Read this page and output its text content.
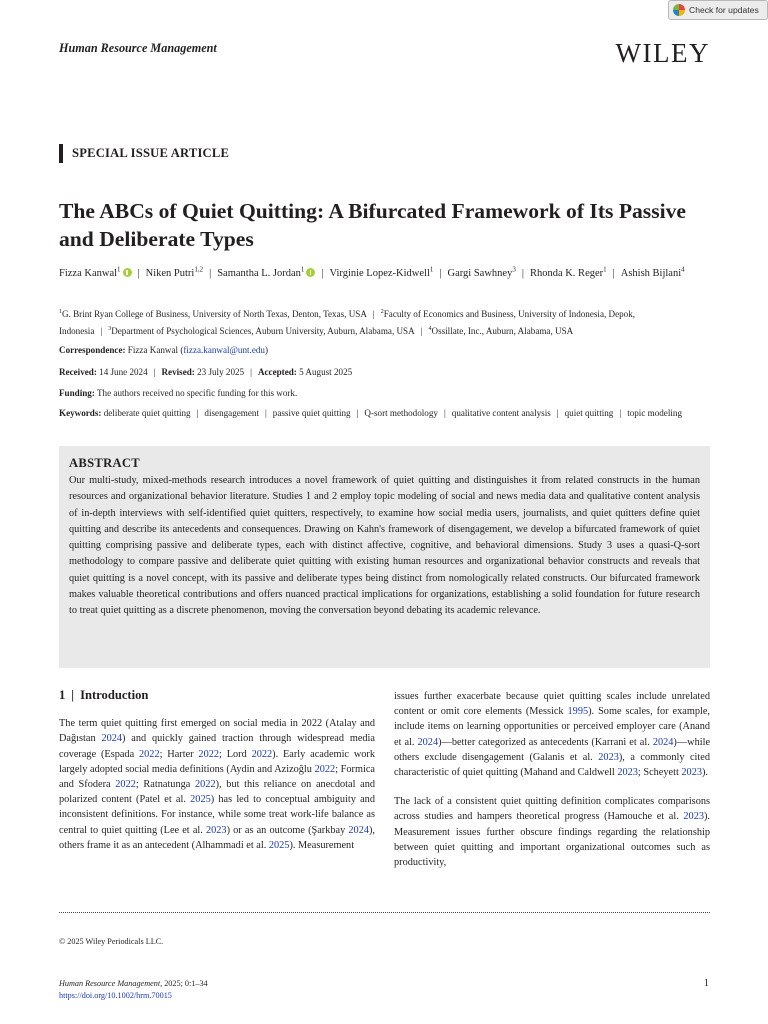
Check for updates
Human Resource Management	WILEY
SPECIAL ISSUE ARTICLE
The ABCs of Quiet Quitting: A Bifurcated Framework of Its Passive and Deliberate Types
Fizza Kanwal$^1$ | Niken Putri$^{1,2}$ | Samantha L. Jordan$^1$ | Virginie Lopez-Kidwell$^1$ | Gargi Sawhney$^3$ | Rhonda K. Reger$^1$ | Ashish Bijlani$^4$
$^1$G. Brint Ryan College of Business, University of North Texas, Denton, Texas, USA | $^2$Faculty of Economics and Business, University of Indonesia, Depok, Indonesia | $^3$Department of Psychological Sciences, Auburn University, Auburn, Alabama, USA | $^4$Ossillate, Inc., Auburn, Alabama, USA
Correspondence: Fizza Kanwal (fizza.kanwal@unt.edu)
Received: 14 June 2024 | Revised: 23 July 2025 | Accepted: 5 August 2025
Funding: The authors received no specific funding for this work.
Keywords: deliberate quiet quitting | disengagement | passive quiet quitting | Q-sort methodology | qualitative content analysis | quiet quitting | topic modeling
ABSTRACT
Our multi-study, mixed-methods research introduces a novel framework of quiet quitting and distinguishes it from related constructs in the human resources and organizational behavior literature. Studies 1 and 2 employ topic modeling of social and news media data and qualitative content analysis of in-depth interviews with self-identified quiet quitters, respectively, to examine how social media users, journalists, and quiet quitters define quiet quitting and describe its antecedents and consequences. Drawing on Kahn's framework of disengagement, we develop a bifurcated framework of quiet quitting comprising passive and deliberate types, each with distinct affective, cognitive, and behavioral dimensions. Study 3 uses a quasi-Q-sort methodology to compare passive and deliberate quiet quitting with existing human resources and organizational behavior constructs and reveals that quiet quitting is a novel concept, with its passive and deliberate types being distinct from nomologically related constructs. Our bifurcated framework makes valuable theoretical contributions and offers nuanced practical implications for organizations, establishing a solid foundation for future research to treat quiet quitting as a discrete phenomenon, moving the conversation beyond debating its academic relevance.
1 | Introduction

The term quiet quitting first emerged on social media in 2022 (Atalay and Dağıstan 2024) and quickly gained traction through widespread media coverage (Espada 2022; Harter 2022; Lord 2022). Early academic work largely adopted social media definitions (Aydin and Azizoğlu 2022; Formica and Sfodera 2022; Ratnatunga 2022), but this reliance on anecdotal and polarized content (Patel et al. 2025) has led to conceptual ambiguity and inconsistent definitions. For instance, while some treat work-life balance as central to quiet quitting (Lee et al. 2023) or as an outcome (Şarkbay 2024), others frame it as an antecedent (Alhammadi et al. 2025). Measurement

issues further exacerbate because quiet quitting scales include unrelated content or omit core elements (Messick 1995). Some scales, for example, include items on learning opportunities or perceived employer care (Anand et al. 2024)—better categorized as antecedents (Karrani et al. 2024)—while others exclude disengagement (Galanis et al. 2023), a commonly cited characteristic of quiet quitting (Mahand and Caldwell 2023; Scheyett 2023).

The lack of a consistent quiet quitting definition complicates comparisons across studies and hampers theoretical progress (Hamouche et al. 2023). Measurement issues further obscure findings regarding the relationship between quiet quitting and important organizational outcomes such as productivity,

© 2025 Wiley Periodicals LLC.
Human Resource Management, 2025; 0:1–34
https://doi.org/10.1002/hrm.70015
1
